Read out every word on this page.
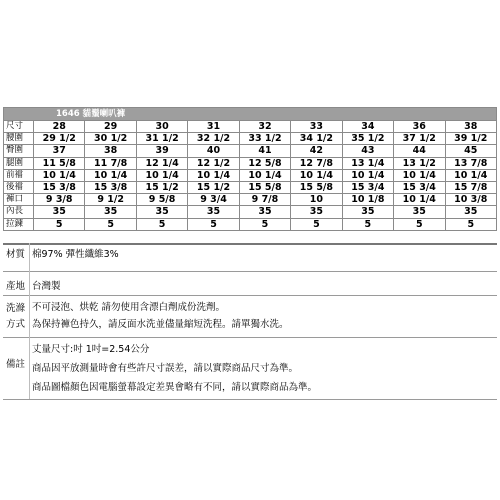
1646 貓鬚喇叭褲									
尺寸	28	29	30	31	32	33	34	36	38
腰圍	29 1/2	30 1/2	31 1/2	32 1/2	33 1/2	34 1/2	35 1/2	37 1/2	39 1/2
臀圍	37	38	39	40	41	42	43	44	45
腿圍	11 5/8	11 7/8	12 1/4	12 1/2	12 5/8	12 7/8	13 1/4	13 1/2	13 7/8
前襠	10 1/4	10 1/4	10 1/4	10 1/4	10 1/4	10 1/4	10 1/4	10 1/4	10 1/4
後襠	15 3/8	15 3/8	15 1/2	15 1/2	15 5/8	15 5/8	15 3/4	15 3/4	15 7/8
褲口	9 3/8	9 1/2	9 5/8	9 3/4	9 7/8	10	10 1/8	10 1/4	10 3/8
內長	35	35	35	35	35	35	35	35	35
拉鍊	5	5	5	5	5	5	5	5	5
材質 棉97% 彈性纖維3%
產地 台灣製
洗滌
方式
不可浸泡、烘乾 請勿使用含漂白劑成份洗劑。
為保持褲色持久，請反面水洗並儘量縮短洗程。請單獨水洗。
備註
丈量尺寸:吋 1吋=2.54公分
商品因平放測量時會有些許尺寸誤差，請以實際商品尺寸為準。
商品圖檔顏色因電腦螢幕設定差異會略有不同，請以實際商品為準。
